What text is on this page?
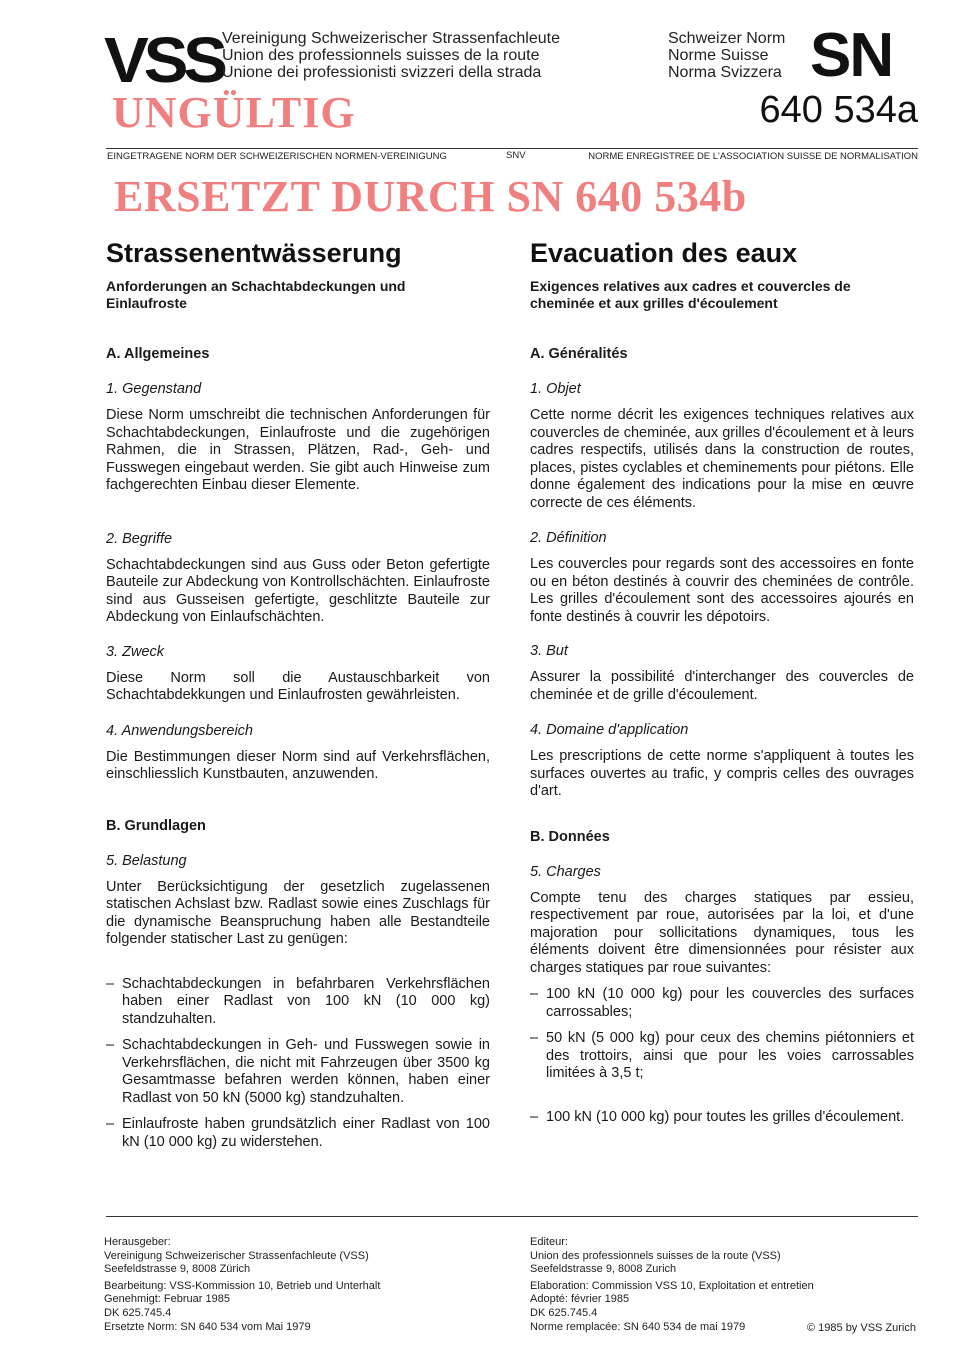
VSS Vereinigung Schweizerischer Strassenfachleute
Union des professionnels suisses de la route
Unione dei professionisti svizzeri della strada
Schweizer Norm
Norme Suisse
Norma Svizzera SN
640 534a
UNGÜLTIG
EINGETRAGENE NORM DER SCHWEIZERISCHEN NORMEN-VEREINIGUNG	SNV	NORME ENREGISTREE DE L'ASSOCIATION SUISSE DE NORMALISATION
ERSETZT DURCH SN 640 534b
Strassenentwässerung
Anforderungen an Schachtabdeckungen und Einlaufroste
A. Allgemeines
1. Gegenstand
Diese Norm umschreibt die technischen Anforderungen für Schachtabdeckungen, Einlaufroste und die zugehörigen Rahmen, die in Strassen, Plätzen, Rad-, Geh- und Fusswegen eingebaut werden. Sie gibt auch Hinweise zum fachgerechten Einbau dieser Elemente.
2. Begriffe
Schachtabdeckungen sind aus Guss oder Beton gefertigte Bauteile zur Abdeckung von Kontrollschächten. Einlaufroste sind aus Gusseisen gefertigte, geschlitzte Bauteile zur Abdeckung von Einlaufschächten.
3. Zweck
Diese Norm soll die Austauschbarkeit von Schachtabdekkungen und Einlaufrosten gewährleisten.
4. Anwendungsbereich
Die Bestimmungen dieser Norm sind auf Verkehrsflächen, einschliesslich Kunstbauten, anzuwenden.
B. Grundlagen
5. Belastung
Unter Berücksichtigung der gesetzlich zugelassenen statischen Achslast bzw. Radlast sowie eines Zuschlags für die dynamische Beanspruchung haben alle Bestandteile folgender statischer Last zu genügen:
– Schachtabdeckungen in befahrbaren Verkehrsflächen haben einer Radlast von 100 kN (10 000 kg) standzuhalten.
– Schachtabdeckungen in Geh- und Fusswegen sowie in Verkehrsflächen, die nicht mit Fahrzeugen über 3500 kg Gesamtmasse befahren werden können, haben einer Radlast von 50 kN (5000 kg) standzuhalten.
– Einlaufroste haben grundsätzlich einer Radlast von 100 kN (10 000 kg) zu widerstehen.
Evacuation des eaux
Exigences relatives aux cadres et couvercles de cheminée et aux grilles d'écoulement
A. Généralités
1. Objet
Cette norme décrit les exigences techniques relatives aux couvercles de cheminée, aux grilles d'écoulement et à leurs cadres respectifs, utilisés dans la construction de routes, places, pistes cyclables et cheminements pour piétons. Elle donne également des indications pour la mise en œuvre correcte de ces éléments.
2. Définition
Les couvercles pour regards sont des accessoires en fonte ou en béton destinés à couvrir des cheminées de contrôle. Les grilles d'écoulement sont des accessoires ajourés en fonte destinés à couvrir les dépotoirs.
3. But
Assurer la possibilité d'interchanger des couvercles de cheminée et de grille d'écoulement.
4. Domaine d'application
Les prescriptions de cette norme s'appliquent à toutes les surfaces ouvertes au trafic, y compris celles des ouvrages d'art.
B. Données
5. Charges
Compte tenu des charges statiques par essieu, respectivement par roue, autorisées par la loi, et d'une majoration pour sollicitations dynamiques, tous les éléments doivent être dimensionnées pour résister aux charges statiques par roue suivantes:
– 100 kN (10 000 kg) pour les couvercles des surfaces carrossables;
– 50 kN (5 000 kg) pour ceux des chemins piétonniers et des trottoirs, ainsi que pour les voies carrossables limitées à 3,5 t;
– 100 kN (10 000 kg) pour toutes les grilles d'écoulement.
Herausgeber:
Vereinigung Schweizerischer Strassenfachleute (VSS)
Seefeldstrasse 9, 8008 Zürich
Bearbeitung: VSS-Kommission 10, Betrieb und Unterhalt
Genehmigt: Februar 1985
DK 625.745.4
Ersetzte Norm: SN 640 534 vom Mai 1979
Editeur:
Union des professionnels suisses de la route (VSS)
Seefeldstrasse 9, 8008 Zurich
Elaboration: Commission VSS 10, Exploitation et entretien
Adopté: février 1985
DK 625.745.4
Norme remplacée: SN 640 534 de mai 1979	© 1985 by VSS Zurich
